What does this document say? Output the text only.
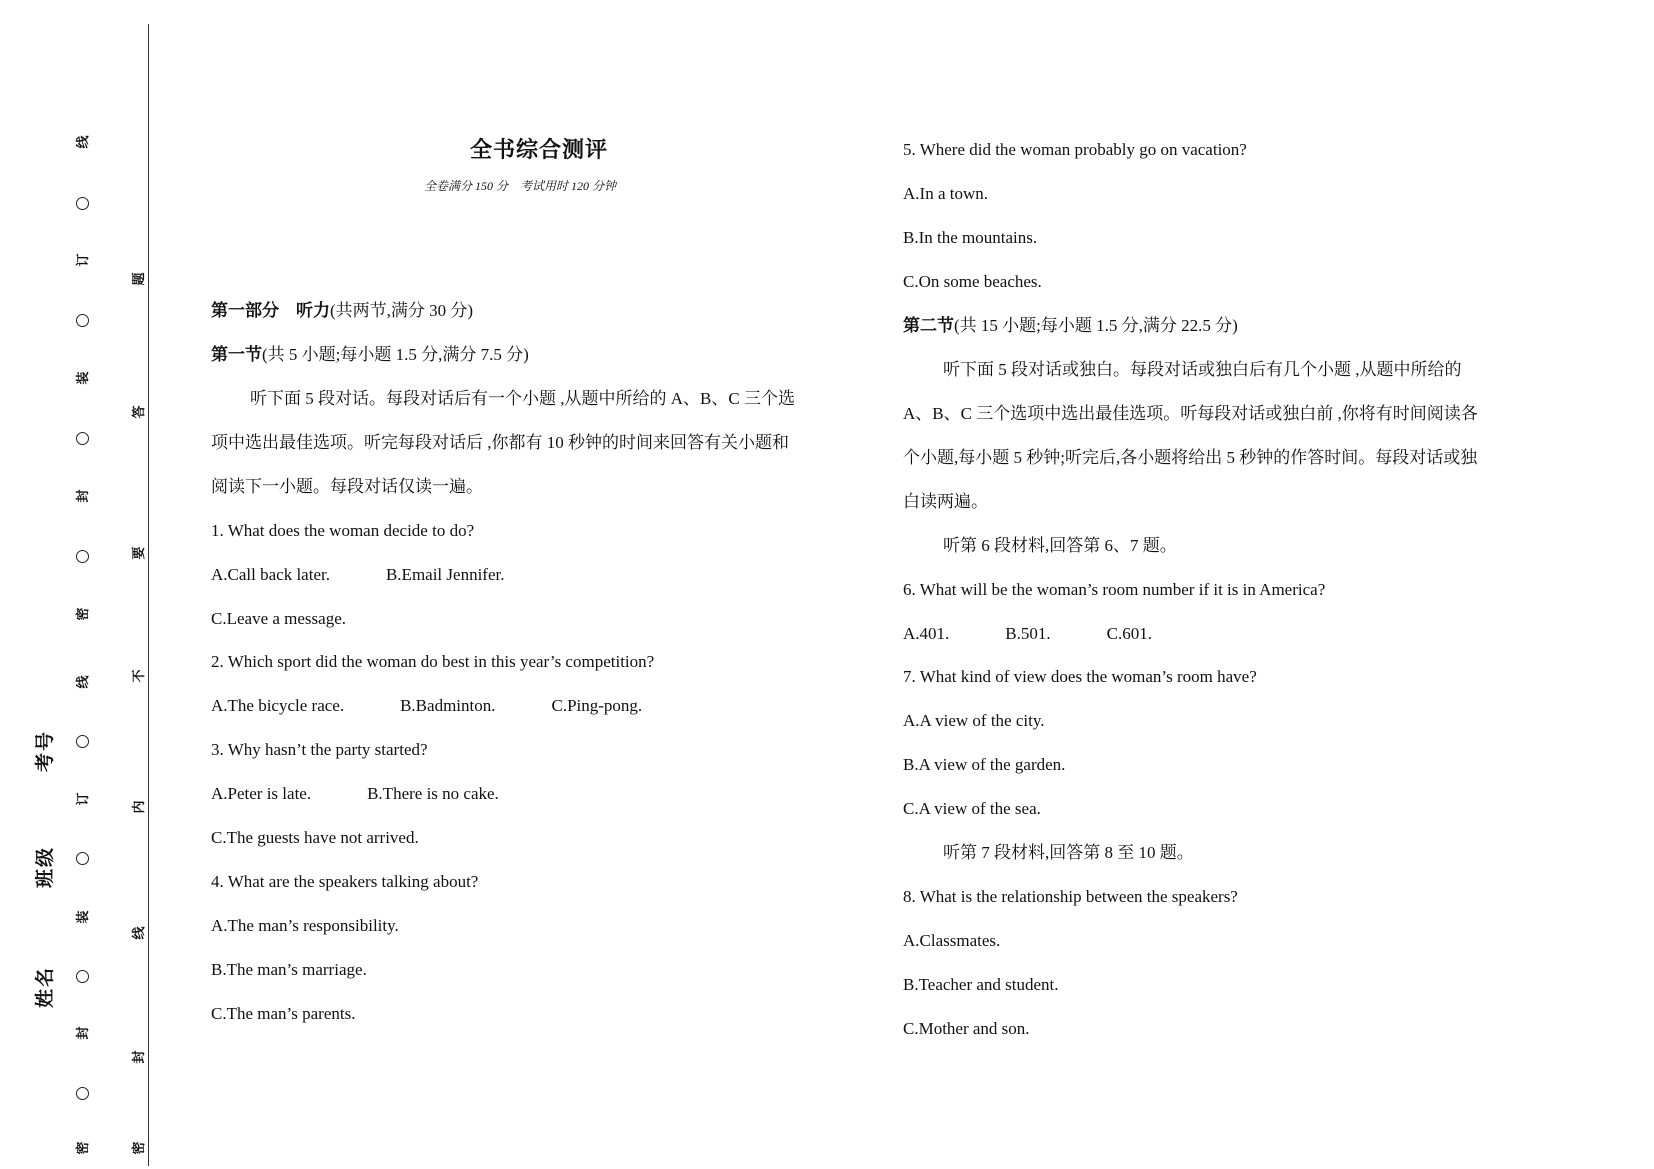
线
订
装
封
密
线
订
装
封
密
题
答
要
不
内
线
封
密
考号
班级
姓名
全书综合测评
全卷满分 150 分　考试用时 120 分钟
第一部分　听力(共两节,满分 30 分)
第一节(共 5 小题;每小题 1.5 分,满分 7.5 分)
听下面 5 段对话。每段对话后有一个小题 ,从题中所给的 A、B、C 三个选
项中选出最佳选项。听完每段对话后 ,你都有 10 秒钟的时间来回答有关小题和
阅读下一小题。每段对话仅读一遍。
1. What does the woman decide to do?
A.Call back later.	B.Email Jennifer.
C.Leave a message.
2. Which sport did the woman do best in this year’s competition?
A.The bicycle race.	B.Badminton.	C.Ping-pong.
3. Why hasn’t the party started?
A.Peter is late.	B.There is no cake.
C.The guests have not arrived.
4. What are the speakers talking about?
A.The man’s responsibility.
B.The man’s marriage.
C.The man’s parents.
5. Where did the woman probably go on vacation?
A.In a town.
B.In the mountains.
C.On some beaches.
第二节(共 15 小题;每小题 1.5 分,满分 22.5 分)
听下面 5 段对话或独白。每段对话或独白后有几个小题 ,从题中所给的
A、B、C 三个选项中选出最佳选项。听每段对话或独白前 ,你将有时间阅读各
个小题,每小题 5 秒钟;听完后,各小题将给出 5 秒钟的作答时间。每段对话或独
白读两遍。
听第 6 段材料,回答第 6、7 题。
6. What will be the woman’s room number if it is in America?
A.401.	B.501.	C.601.
7. What kind of view does the woman’s room have?
A.A view of the city.
B.A view of the garden.
C.A view of the sea.
听第 7 段材料,回答第 8 至 10 题。
8. What is the relationship between the speakers?
A.Classmates.
B.Teacher and student.
C.Mother and son.
